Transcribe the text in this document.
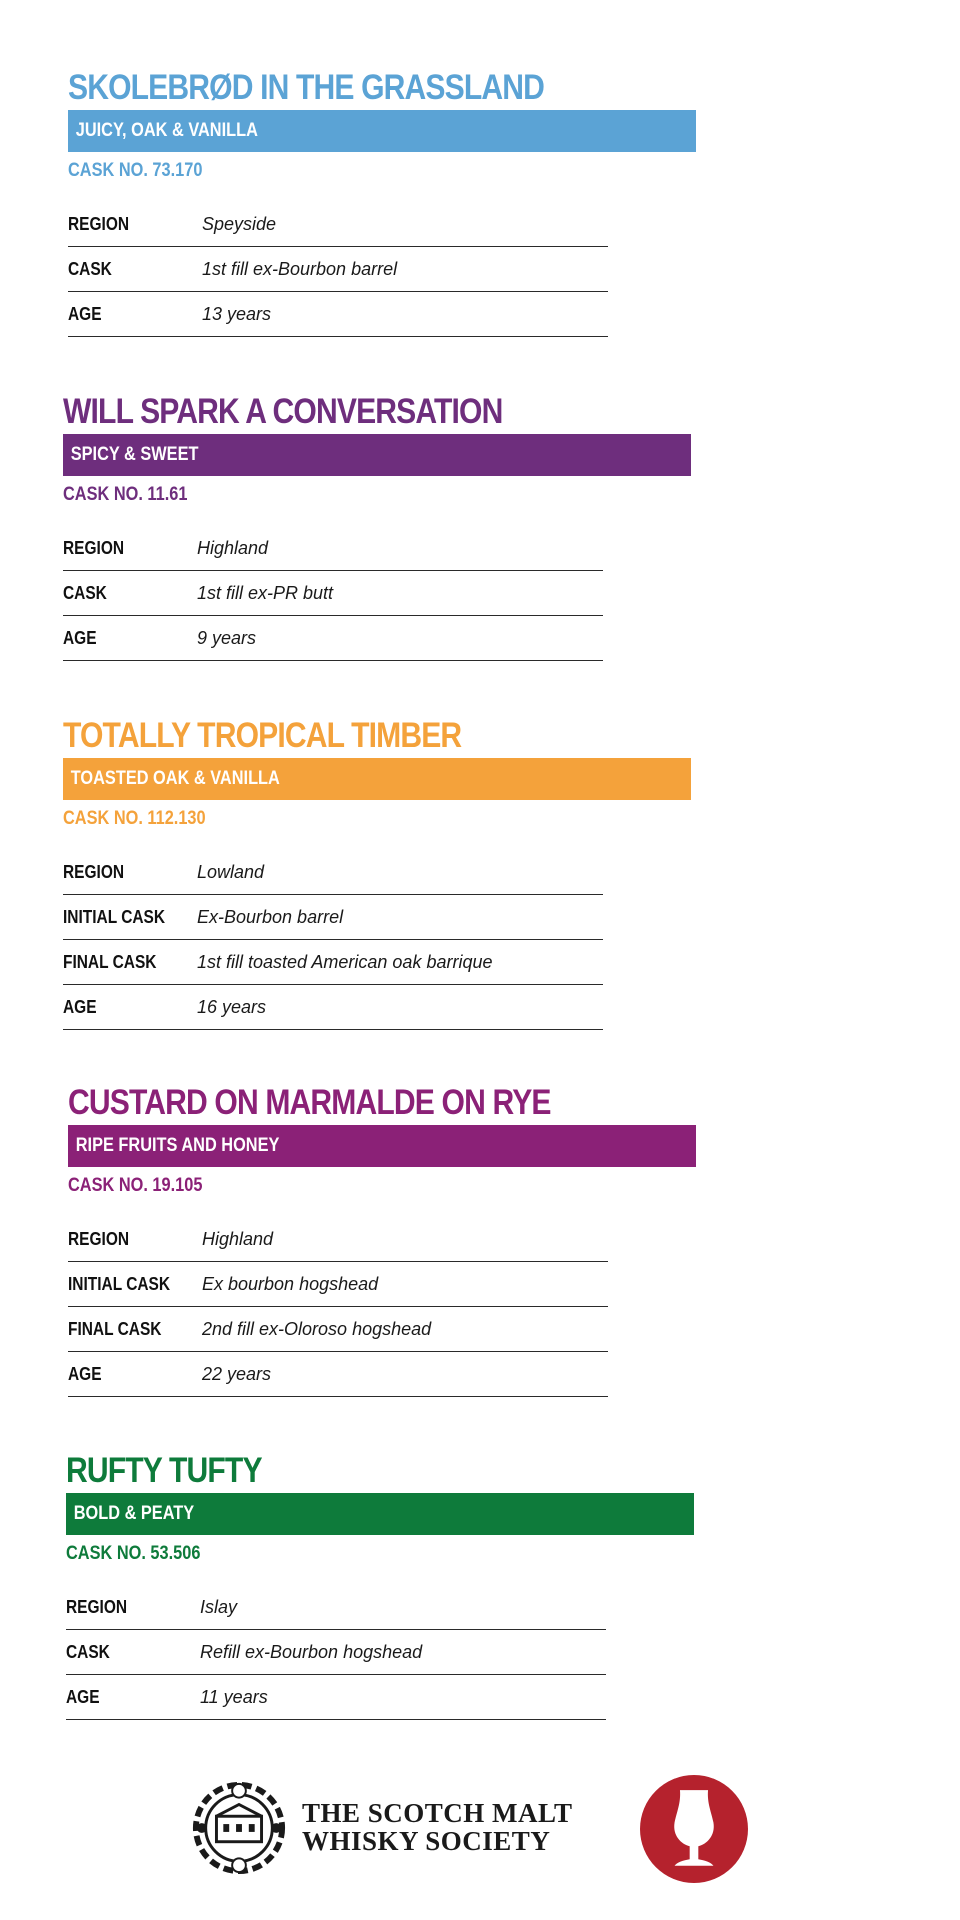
SKOLEBRØD IN THE GRASSLAND
JUICY, OAK & VANILLA
CASK NO. 73.170
REGION	Speyside
CASK	1st fill ex-Bourbon barrel
AGE	13 years
WILL SPARK A CONVERSATION
SPICY & SWEET
CASK NO. 11.61
REGION	Highland
CASK	1st fill ex-PR butt
AGE	9 years
TOTALLY TROPICAL TIMBER
TOASTED OAK & VANILLA
CASK NO. 112.130
REGION	Lowland
INITIAL CASK	Ex-Bourbon barrel
FINAL CASK	1st fill toasted American oak barrique
AGE	16 years
CUSTARD ON MARMALDE ON RYE
RIPE FRUITS AND HONEY
CASK NO. 19.105
REGION	Highland
INITIAL CASK	Ex bourbon hogshead
FINAL CASK	2nd fill ex-Oloroso hogshead
AGE	22 years
RUFTY TUFTY
BOLD & PEATY
CASK NO. 53.506
REGION	Islay
CASK	Refill ex-Bourbon hogshead
AGE	11 years
THE SCOTCH MALT
WHISKY SOCIETY
